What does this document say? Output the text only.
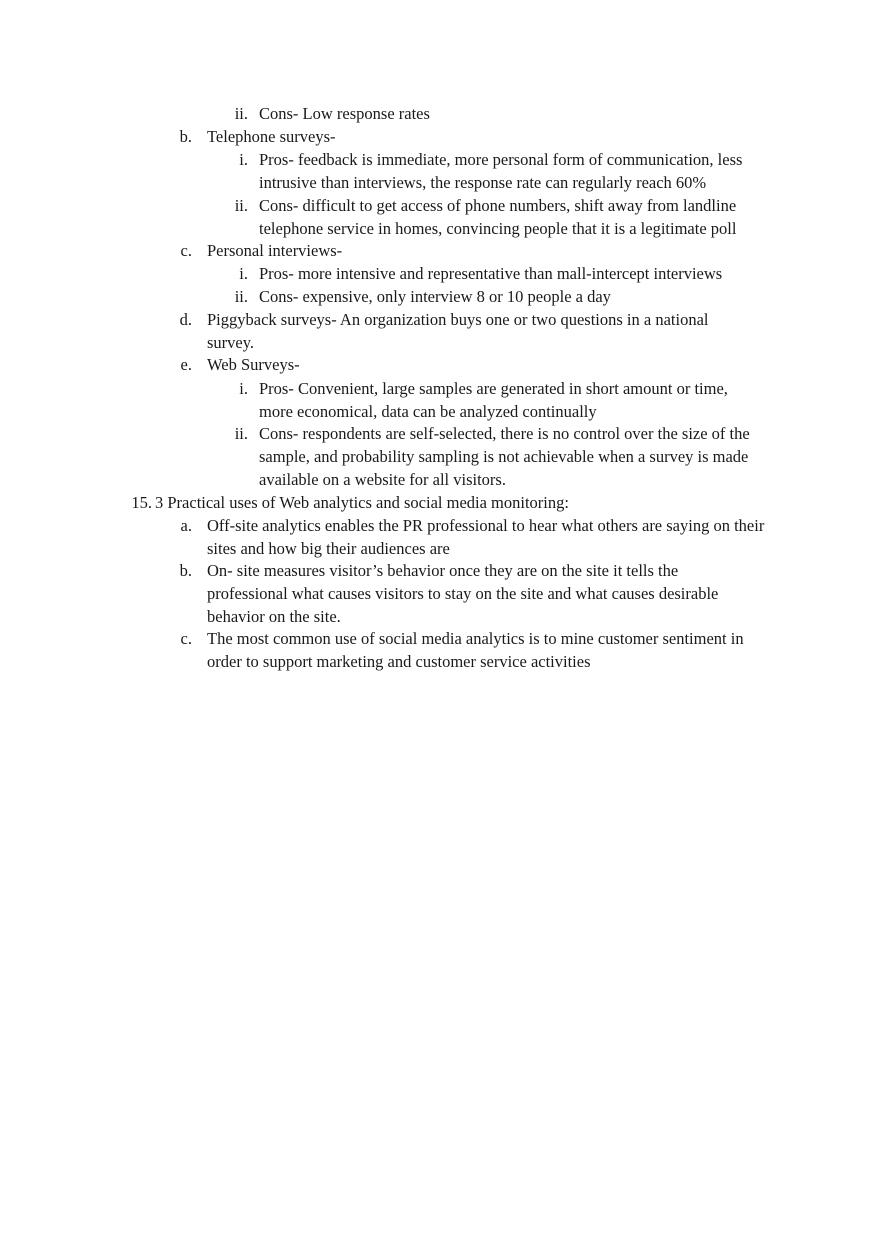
ii. Cons- Low response rates
b. Telephone surveys-
i. Pros- feedback is immediate, more personal form of communication, less intrusive than interviews, the response rate can regularly reach 60%
ii. Cons- difficult to get access of phone numbers, shift away from landline telephone service in homes, convincing people that it is a legitimate poll
c. Personal interviews-
i. Pros- more intensive and representative than mall-intercept interviews
ii. Cons- expensive, only interview 8 or 10 people a day
d. Piggyback surveys- An organization buys one or two questions in a national survey.
e. Web Surveys-
i. Pros- Convenient, large samples are generated in short amount or time, more economical, data can be analyzed continually
ii. Cons- respondents are self-selected, there is no control over the size of the sample, and probability sampling is not achievable when a survey is made available on a website for all visitors.
15. 3 Practical uses of Web analytics and social media monitoring:
a. Off-site analytics enables the PR professional to hear what others are saying on their sites and how big their audiences are
b. On- site measures visitor’s behavior once they are on the site it tells the professional what causes visitors to stay on the site and what causes desirable behavior on the site.
c. The most common use of social media analytics is to mine customer sentiment in order to support marketing and customer service activities
